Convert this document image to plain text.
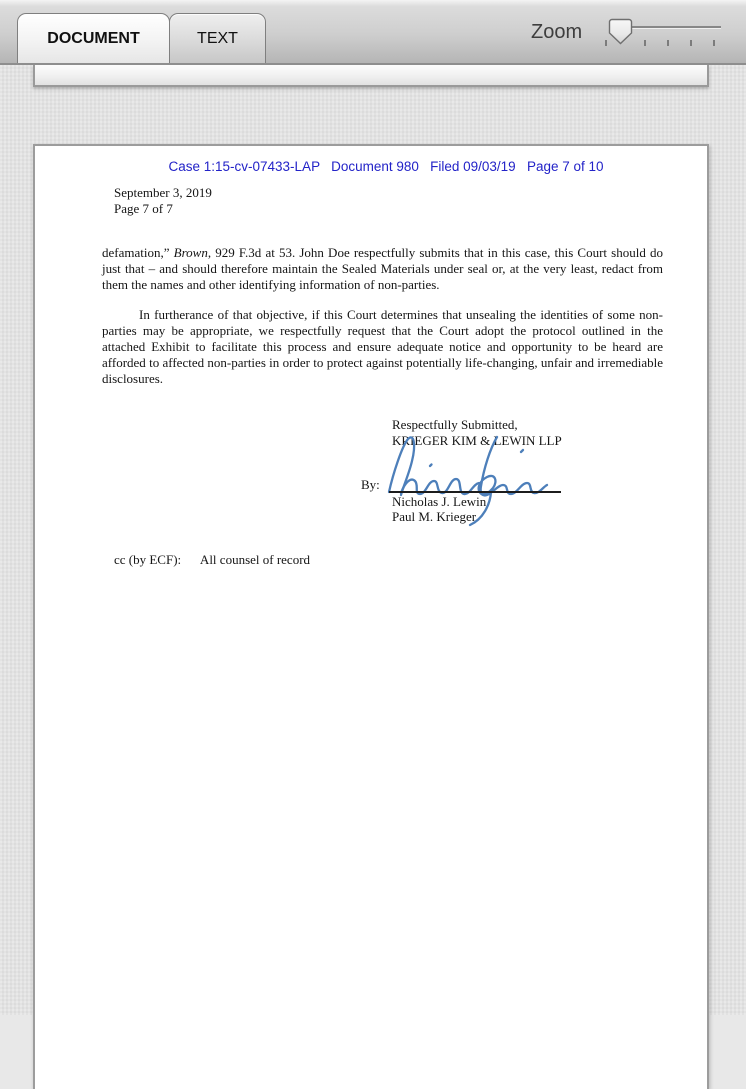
DOCUMENT	TEXT	Zoom
Case 1:15-cv-07433-LAP   Document 980   Filed 09/03/19   Page 7 of 10
September 3, 2019
Page 7 of 7

defamation,” Brown, 929 F.3d at 53. John Doe respectfully submits that in this case, this Court should do just that – and should therefore maintain the Sealed Materials under seal or, at the very least, redact from them the names and other identifying information of non-parties.

In furtherance of that objective, if this Court determines that unsealing the identities of some non-parties may be appropriate, we respectfully request that the Court adopt the protocol outlined in the attached Exhibit to facilitate this process and ensure adequate notice and opportunity to be heard are afforded to affected non-parties in order to protect against potentially life-changing, unfair and irremediable disclosures.

Respectfully Submitted,
KRIEGER KIM & LEWIN LLP
By:
Nicholas J. Lewin
Paul M. Krieger
cc (by ECF):      All counsel of record
